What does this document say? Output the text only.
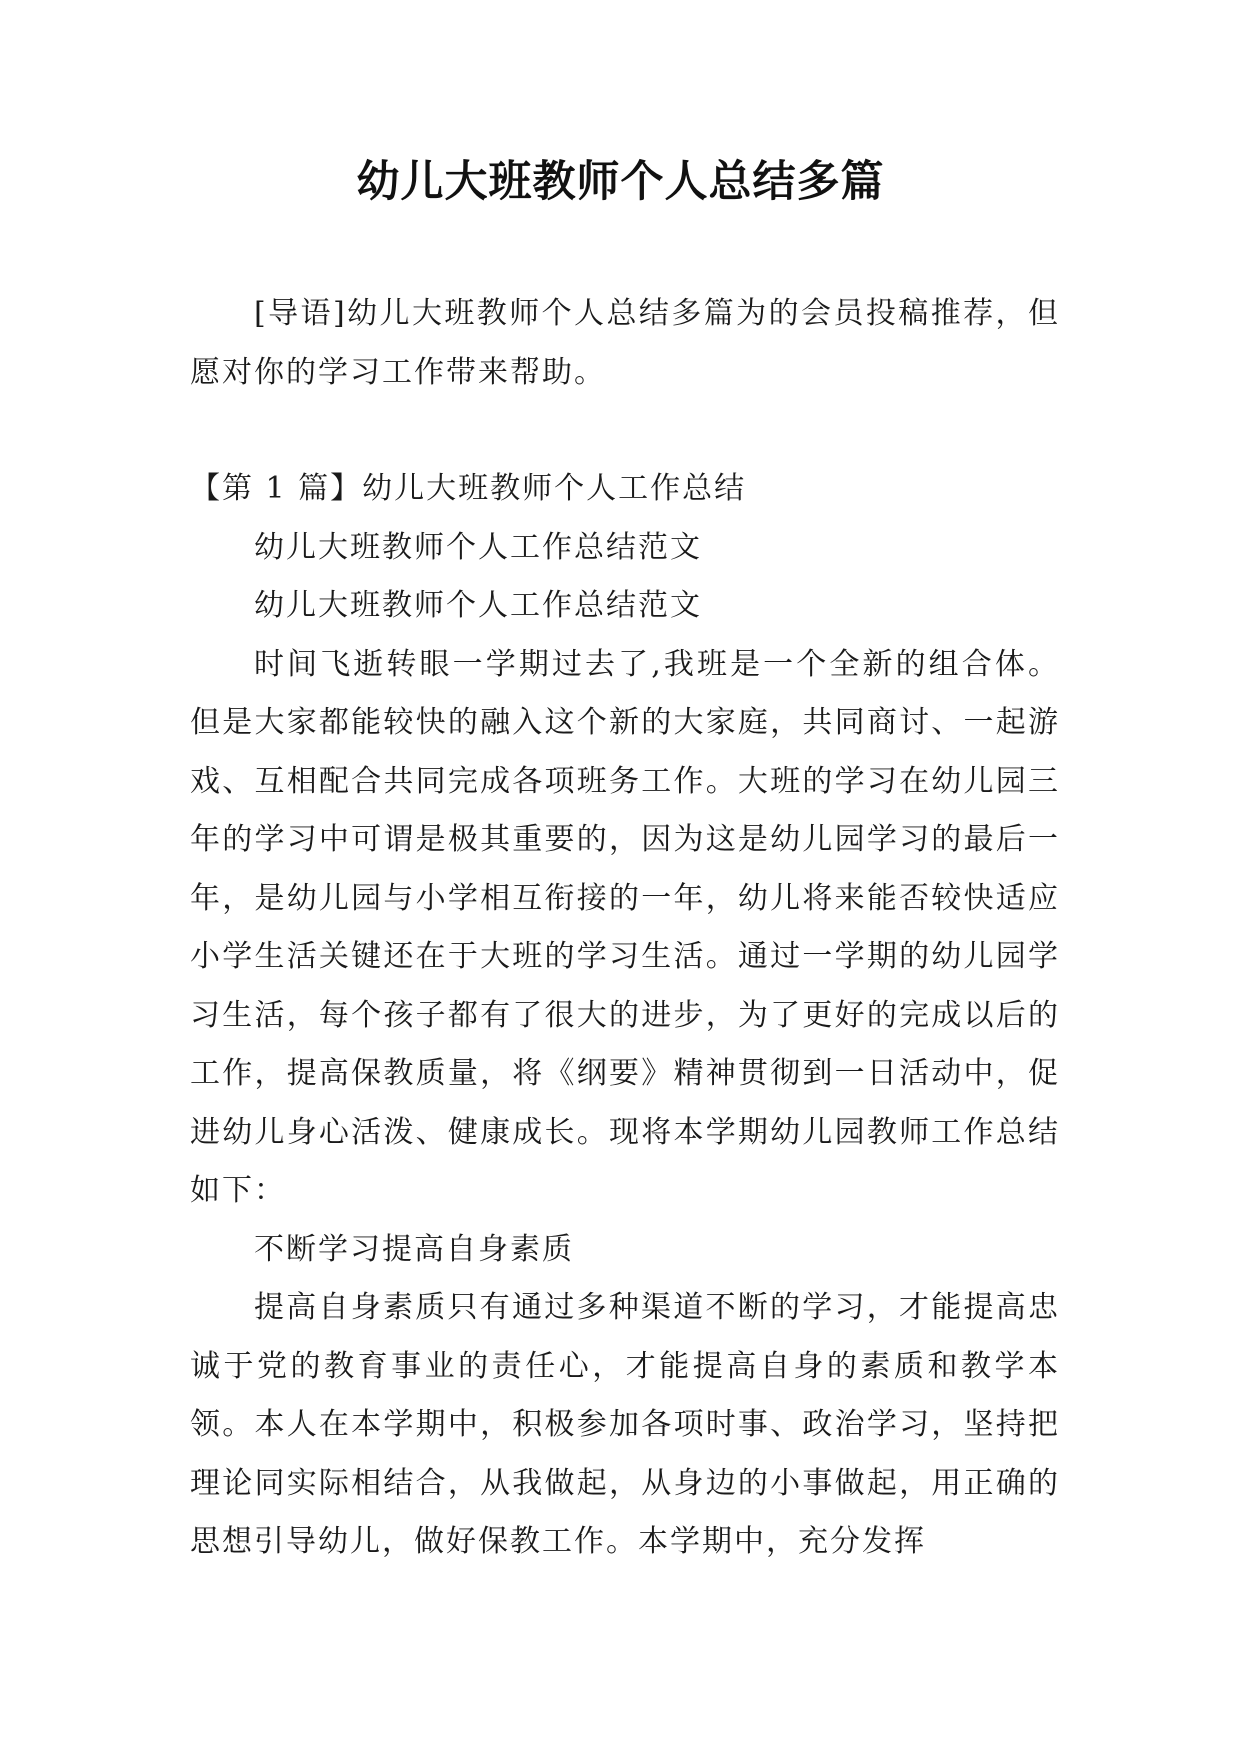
幼儿大班教师个人总结多篇

[导语]幼儿大班教师个人总结多篇为的会员投稿推荐，但愿对你的学习工作带来帮助。

【第 1 篇】幼儿大班教师个人工作总结

幼儿大班教师个人工作总结范文

幼儿大班教师个人工作总结范文

时间飞逝转眼一学期过去了,我班是一个全新的组合体。但是大家都能较快的融入这个新的大家庭，共同商讨、一起游戏、互相配合共同完成各项班务工作。大班的学习在幼儿园三年的学习中可谓是极其重要的，因为这是幼儿园学习的最后一年，是幼儿园与小学相互衔接的一年，幼儿将来能否较快适应小学生活关键还在于大班的学习生活。通过一学期的幼儿园学习生活，每个孩子都有了很大的进步，为了更好的完成以后的工作，提高保教质量，将《纲要》精神贯彻到一日活动中，促进幼儿身心活泼、健康成长。现将本学期幼儿园教师工作总结如下：

不断学习提高自身素质

提高自身素质只有通过多种渠道不断的学习，才能提高忠诚于党的教育事业的责任心，才能提高自身的素质和教学本领。本人在本学期中，积极参加各项时事、政治学习，坚持把理论同实际相结合，从我做起，从身边的小事做起，用正确的思想引导幼儿，做好保教工作。本学期中，充分发挥
